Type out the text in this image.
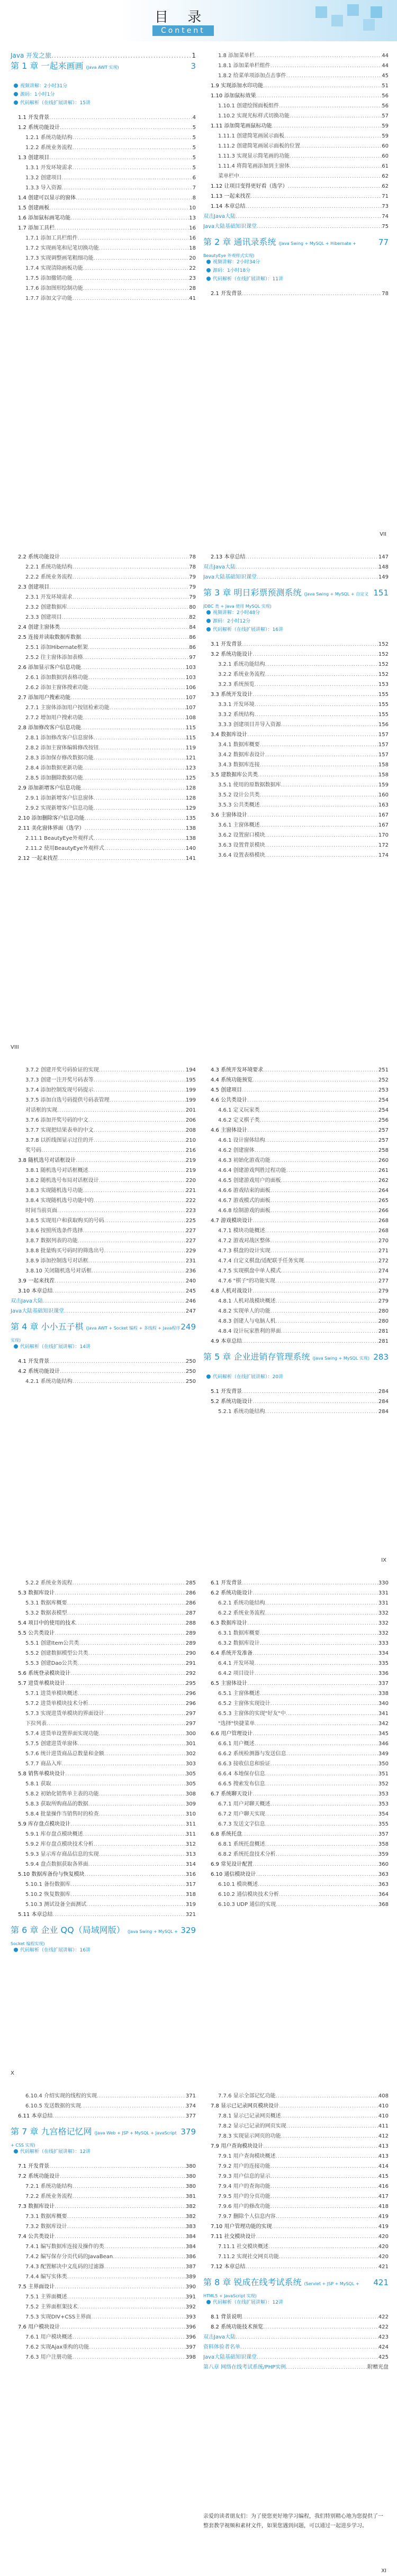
目 录
Content
Java 开发之旅 .....	1
第 1 章 一起来画画 (Java AWT 实现)	3
视频讲解：2小时31分
源码：1小时1分
代码解析（在线扩展讲解）：15讲
1.1 开发背景 .....	4
1.2 系统功能设计 .....	5
1.2.1 系统功能结构 .....	5
1.2.2 系统业务流程 .....	5
1.3 创建项目 .....	5
1.3.1 开发环境需求 .....	5
1.3.2 创建项目 .....	6
1.3.3 导入资源 .....	7
1.4 创建可以显示的窗体 .....	8
1.5 创建画板 .....	10
1.6 添加鼠标画笔功能 .....	13
1.7 添加工具栏 .....	16
1.7.1 添加工具栏组件 .....	16
1.7.2 实现画笔和尼笔切换功能 .....	18
1.7.3 实现调整画笔粗细功能 .....	20
1.7.4 实现清除画板功能 .....	22
1.7.5 添加撤销功能 .....	23
1.7.6 添加图形绘制功能 .....	28
1.7.7 添加文字功能 .....	41
1.8 添加菜单栏 .....	44
1.8.1 添加菜单栏组件 .....	44
1.8.2 给菜单项添加点击事件 .....	45
1.9 实现添加水印功能 .....	51
1.10 添加鼠标效果 .....	56
1.10.1 创建绘图面板组件 .....	56
1.10.2 实现光标样式切换功能 .....	57
1.11 添加简笔画鼠标功能 .....	59
1.11.1 创建简笔画展示面板 .....	59
1.11.2 创建简笔画展示面板的位置 .....	60
1.11.3 实现显示简笔画的功能 .....	60
1.11.4 将简笔画添加到主窗体 .....	61
菜单栏中 .....	62
1.12 让项目变得更好看（选学） .....	62
1.13 一起来找茬 .....	71
1.14 本章总结 .....	73
双击Java大陆 .....	74
Java大陆基础知识课堂 .....	75
第 2 章 通讯录系统 (Java Swing + MySQL + Hibernate + BeautyEye 外观样式实现)
77
视频讲解：2小时34分
源码：1小时18分
代码解析（在线扩展讲解）：11讲
2.1 开发背景 .....	78
VII
2.2 系统功能设计 .....	78
2.2.1 系统功能结构 .....	78
2.2.2 系统业务流程 .....	79
2.3 创建项目 .....	79
2.3.1 开发环境需求 .....	79
2.3.2 创建数据库 .....	80
2.3.3 创建项目 .....	82
2.4 创建主窗体类 .....	84
2.5 连接并读取数据库数据 .....	86
2.5.1 添加Hibernate框架 .....	86
2.5.2 往主窗体添加表格 .....	97
2.6 添加显示客户信息功能 .....	103
2.6.1 添加数据到表格功能 .....	103
2.6.2 添加主窗体搜索功能 .....	106
2.7 添加用户搜索功能 .....	107
2.7.1 主窗体添加用户按钮检索功能 .....	107
2.7.2 增加用户搜索功能 .....	108
2.8 添加修改客户信息功能 .....	115
2.8.1 添加修改客户信息窗体 .....	115
2.8.2 添加主窗体编辑修改按钮 .....	119
2.8.3 添加保存修改数据功能 .....	121
2.8.4 添加数据更新功能 .....	123
2.8.5 添加删除数据功能 .....	125
2.9 添加新增客户信息功能 .....	128
2.9.1 添加新增客户信息窗体 .....	128
2.9.2 实现新增客户信息功能 .....	129
2.10 添加删除客户信息功能 .....	135
2.11 美化窗体界面（选学） .....	138
2.11.1 BeautyEye外观样式 .....	138
2.11.2 使用BeautyEye外观样式 .....	140
2.12 一起来找茬 .....	141
2.13 本章总结 .....	147
双击Java大陆 .....	148
Java大陆基础知识课堂 .....	149
第 3 章 明日彩票预测系统 (Java Swing + MySQL + 自定义 JDBC 类 + Java 使用 MySQL 实现)
151
视频讲解：2小时48分
源码：2小时12分
代码解析（在线扩展讲解）：16讲
3.1 开发背景 .....	152
3.2 系统功能设计 .....	152
3.2.1 系统功能结构 .....	152
3.2.2 系统业务流程 .....	152
3.2.3 系统预览 .....	153
3.3 系统开发设计 .....	155
3.3.1 开发环境 .....	155
3.3.2 系统结构 .....	155
3.3.3 创建项目并导入资源 .....	156
3.4 数据库设计 .....	157
3.4.1 数据库概要 .....	157
3.4.2 数据库表设计 .....	157
3.4.3 数据库连接 .....	158
3.5 建数据库公共类 .....	158
3.5.1 使用的原数据数据库 .....	159
3.5.2 设计公共类 .....	160
3.5.3 公共类概述 .....	163
3.6 主窗体设计 .....	167
3.6.1 主窗体概述 .....	167
3.6.2 设置窗口模块 .....	170
3.6.3 设置背景模块 .....	172
3.6.4 设置表格模块 .....	174
VIII
3.7.2 创建开奖号码验证的实现 .....	194
3.7.3 创建一注开奖号码表等 .....	195
3.7.4 添加控制发现号码提示 .....	199
3.7.5 添加自选号码提供号码表管理 .....	199
对话框的实现 .....	201
3.7.6 添加开奖号码的中文 .....	206
3.7.7 实现把结果表单的中文 .....	208
3.7.8 以折线图显示过往的开 .....	210
奖号码 .....	216
3.8 随机选号对话框设计 .....	219
3.8.1 随机选号对话框概述 .....	219
3.8.2 随机选号布局对话框设计 .....	220
3.8.3 实现随机选号功能 .....	221
3.8.4 实现随机选号功能中的 .....	222
时间当前页面 .....	223
3.8.5 实现用户和获取购买的号码 .....	225
3.8.6 按照所选条件选择 .....	227
3.8.7 数据列表的功能 .....	227
3.8.8 批量购买号码时的筛选出号 .....	229
3.8.9 添加控制选号对话框 .....	231
3.8.10 关闭随机选号对话框 .....	236
3.9 一起来找茬 .....	240
3.10 本章总结 .....	245
双击Java大陆 .....	246
Java大陆基础知识课堂 .....	247
第 4 章 小小五子棋 (Java AWT + Socket 编程 + 多线程 + Java程序实现)
249
代码解析（在线扩展讲解）：14讲
4.1 开发背景 .....	250
4.2 系统功能设计 .....	250
4.2.1 系统功能结构 .....	250
4.3 系统开发环境要求 .....	251
4.4 系统功能预览 .....	252
4.5 创建项目 .....	253
4.6 公共类设计 .....	254
4.6.1 定义玩家类 .....	254
4.6.2 定义棋子类 .....	256
4.6 主窗体设计 .....	257
4.6.1 设计窗体结构 .....	257
4.6.2 创建窗体 .....	258
4.6.3 初始化游戏功能 .....	260
4.6.4 创建游戏判胜过程功能 .....	261
4.6.5 创建游戏用户的面板 .....	262
4.6.6 游戏结束的面板 .....	264
4.6.7 游戏模式的面板 .....	265
4.6.8 绘制游戏的面板 .....	266
4.7 游戏模块设计 .....	268
4.7.1 模块功能概述 .....	268
4.7.2 游戏对战区整体 .....	270
4.7.3 棋盘的设计实现 .....	271
4.7.4 自定义棋盘/适配联手任务实现 .....	272
4.7.5 实现棋盘中单人模式 .....	274
4.7.6 "棋子"的功能实现 .....	277
4.8 人机对战设计 .....	279
4.8.1 人机对战模块概述 .....	279
4.8.2 实现单人的功能 .....	280
4.8.3 创建人与电脑人机 .....	280
4.8.4 设计玩家胜利的界面 .....	281
4.9 本章总结 .....	281
第 5 章 企业进销存管理系统 (Java Swing + MySQL 实现) 283
代码解析（在线扩展讲解）：20讲
5.1 开发背景 .....	284
5.2 系统功能设计 .....	284
5.2.1 系统功能结构 .....	284
IX
5.2.2 系统业务流程 .....	285
5.3 数据库设计 .....	286
5.3.1 数据库概要 .....	286
5.3.2 数据表模型 .....	287
5.4 项目中的使用的技术 .....	288
5.5 公共类设计 .....	289
5.5.1 创建Item公共类 .....	289
5.5.2 创建数据模型公共类 .....	290
5.5.3 创建Dao公共类 .....	291
5.6 系统登录模块设计 .....	292
5.7 进货单模块设计 .....	295
5.7.1 进货单模块概述 .....	296
5.7.2 进货单模块技术分析 .....	296
5.7.3 实现进货单模块的界面设计 .....	297
下拉列表 .....	297
5.7.4 进货单设置界面实现功能 .....	300
5.7.5 创建进货单窗体 .....	301
5.7.6 统计进货商品总数量和金额 .....	302
5.7.7 商品入库 .....	303
5.8 销售单模块设计 .....	305
5.8.1 获取 .....	305
5.8.2 初始化销售单主表的功能 .....	308
5.8.3 获取所购商品的数据 .....	309
5.8.4 批量操作当销售时的检查 .....	310
5.9 库存盘点模块设计 .....	311
5.9.1 库存盘点模块概述 .....	311
5.9.2 库存盘点模块技术分析 .....	312
5.9.3 显示库存商品信息的实现 .....	313
5.9.4 盘点数据获取各界面 .....	314
5.10 数据库备份与恢复模块 .....	316
5.10.1 备份数据库 .....	317
5.10.2 恢复数据库 .....	318
5.10.3 测试设备全面测试 .....	319
5.11 本章总结 .....	321
第 6 章 企业 QQ（局域网版） (Java Swing + MySQL + Socket 编程实现)
329
代码解析（在线扩展讲解）：16讲
6.1 开发背景 .....	330
6.2 系统功能设计 .....	331
6.2.1 系统功能结构 .....	331
6.2.2 系统业务流程 .....	332
6.3 数据库设计 .....	332
6.3.1 数据库概要 .....	332
6.3.2 数据库设计 .....	333
6.4 系统开发准备 .....	334
6.4.1 开发环境 .....	335
6.4.2 项目设计 .....	336
6.5 主窗体设计 .....	337
6.5.1 主窗体概述 .....	338
6.5.2 主窗体实现设计 .....	340
6.5.3 主窗体的实现"好友"中 .....	341
"选择"快捷菜单 .....	342
6.6 用户管理设计 .....	345
6.6.1 用户概述 .....	346
6.6.2 系统检测器与发送信息 .....	349
6.6.3 接收信息和验证 .....	350
6.6.4 本地保存信息 .....	351
6.6.5 搜索发布信息 .....	352
6.7 系统聊天设计 .....	353
6.7.1 用户对聊天概述 .....	353
6.7.2 用户聊天实现 .....	354
6.7.3 发送文字信息 .....	355
6.8 系统托盘 .....	357
6.8.1 系统托盘概述 .....	358
6.8.2 系统托盘技术分析 .....	359
6.9 常见设计配置 .....	360
6.10 通信模块设计 .....	363
6.10.1 模块概述 .....	363
6.10.2 通信模块技术分析 .....	364
6.10.3 UDP 通信的实现 .....	368
X
6.10.4 介绍实现的线程的实现 .....	371
6.10.5 发送数据的实现 .....	374
6.11 本章总结 .....	377
第 7 章 九宫格记忆网 (Java Web + JSP + MySQL + JavaScript + CSS 实现)
379
代码解析（在线扩展讲解）：12讲
7.1 开发背景 .....	380
7.2 系统功能设计 .....	380
7.2.1 系统功能结构 .....	380
7.2.2 系统业务流程 .....	381
7.3 数据库设计 .....	382
7.3.1 数据库概要 .....	382
7.3.2 数据库设计 .....	383
7.4 公共类设计 .....	384
7.4.1 编写数据库连接及操作的类 .....	384
7.4.2 编写保存分页代码的JavaBean .....	386
7.4.3 配置解决中文乱码的过滤器 .....	387
7.4.4 编写实体类 .....	389
7.5 主界面设计 .....	390
7.5.1 主界面概述 .....	391
7.5.2 主界面框架技术 .....	392
7.5.3 实现DIV+CSS主界面 .....	393
7.6 用户模块设计 .....	396
7.6.1 用户模块概述 .....	396
7.6.2 实现Ajax重构的功能 .....	397
7.6.3 用户注册功能 .....	398
7.7.6 显示全部记忆功能 .....	408
7.8 显示已记录网页模块设计 .....	410
7.8.1 显示已记录网页概述 .....	410
7.8.2 显示已记录的网页实现 .....	411
7.8.3 实现显示网页的功能 .....	412
7.9 用户查询模块设计 .....	413
7.9.1 用户查询模块概述 .....	413
7.9.2 用户的连接功能 .....	414
7.9.3 用户信息的显示 .....	415
7.9.4 用户的查询功能 .....	416
7.9.5 用户的分页功能 .....	417
7.9.6 用户的修改功能 .....	418
7.9.7 删除个人信息内容 .....	419
7.10 用户管理功能的实现 .....	419
7.11 社交模块设计 .....	420
7.11.1 社交模块概述 .....	420
7.11.2 实现社交网页功能 .....	420
7.12 本章总结 .....	421
第 8 章 锐成在线考试系统 (Servlet + JSP + MySQL + HTML5 + JavaScript 实现)
421
代码解析（在线扩展讲解）：12讲
8.1 背景说明 .....	422
8.2 系统功能技术预览 .....	422
双击Java大陆 .....	423
资料体验者名单 .....	424
Java大陆基础知识课堂 .....	425
第八章 网络在线考试系统/PHP实例 .....	附赠光盘
亲爱的读者朋友们：为了使您更好地学习编程，我们特别精心地为您提供了一整套教学视频和素材文件，如果您遇到问题，可以通过一起进步学习。
XI
